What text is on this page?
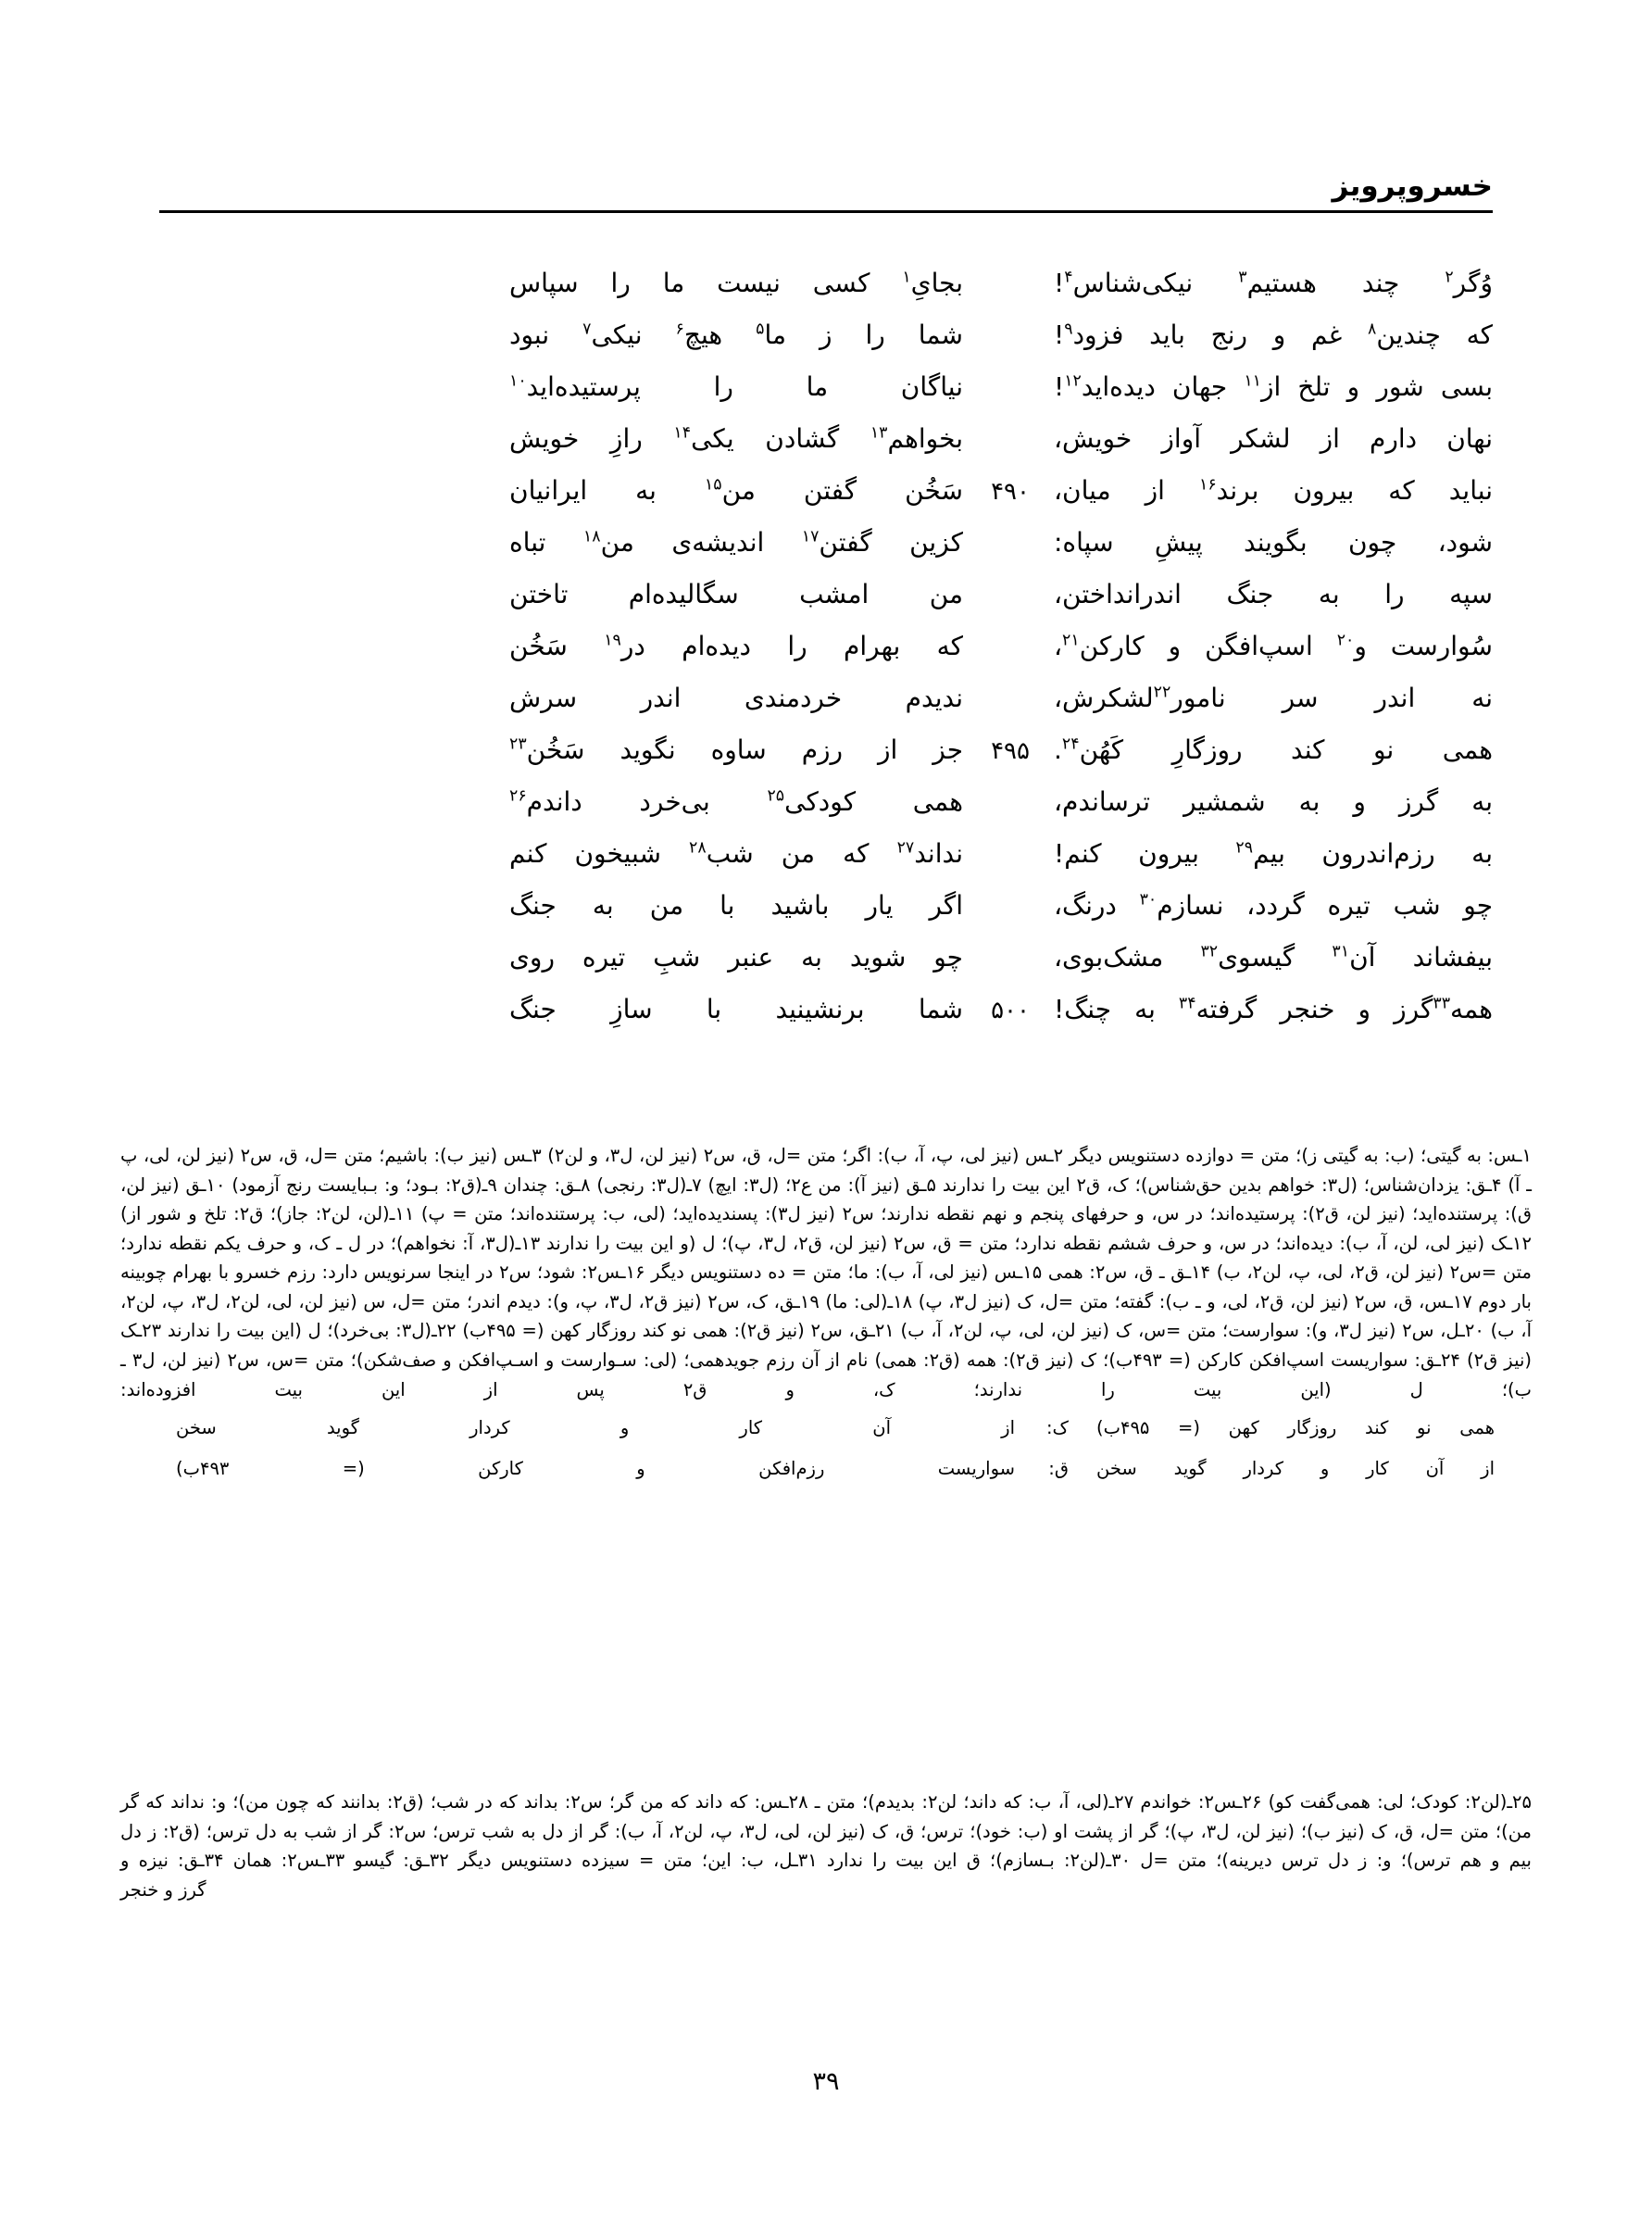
خسروپرویز
وُگر$^۲$ چند هستیم$^۳$ نیکی‌شناس$^۴$!
بجایِ$^۱$ کسی نیست ما را سپاس
که چندین$^۸$ غم و رنج باید فزود$^۹$!
شما را ز ما$^۵$ هیچ$^۶$ نیکی$^۷$ نبود
بسی شور و تلخ از$^{۱۱}$ جهان دیده‌اید$^{۱۲}$!
نیاگان ما را پرستیده‌اید$^{۱۰}$
نهان دارم از لشکر آواز خویش،
بخواهم$^{۱۳}$ گشادن یکی$^{۱۴}$ رازِ خویش
نباید که بیرون برند$^{۱۶}$ از میان،
۴۹۰
سَخُن گفتن من$^{۱۵}$ به ایرانیان
شود، چون بگویند پیشِ سپاه:
کزین گفتن$^{۱۷}$ اندیشه‌ی من$^{۱۸}$ تباه
سپه را به جنگ اندرانداختن،
من امشب سگالیده‌ام تاختن
سُوارست و$^{۲۰}$ اسپ‌افگن و کارکن$^{۲۱}$،
که بهرام را دیده‌ام در$^{۱۹}$ سَخُن
نه اندر سر نامور$^{۲۲}$لشکرش،
ندیدم خردمندی اندر سرش
همی نو کند روزگارِ کَهُن$^{۲۴}$.
۴۹۵
جز از رزم ساوه نگوید سَخُن$^{۲۳}$
به گرز و به شمشیر ترساندم،
همی کودکی$^{۲۵}$ بی‌خرد داندم$^{۲۶}$
به رزم‌اندرون بیم$^{۲۹}$ بیرون کنم!
نداند$^{۲۷}$ که من شب$^{۲۸}$ شبیخون کنم
چو شب تیره گردد، نسازم$^{۳۰}$ درنگ،
اگر یار باشید با من به جنگ
بیفشاند آن$^{۳۱}$ گیسوی$^{۳۲}$ مشک‌بوی،
چو شوید به عنبر شبِ تیره روی
همه$^{۳۳}$گرز و خنجر گرفته$^{۳۴}$ به چنگ!
۵۰۰
شما برنشینید با سازِ جنگ
۱ـس: به گیتی؛ (ب: به گیتی ز)؛ متن = دوازده دستنویس دیگر ۲ـس (نیز لی، پ، آ، ب): اگر؛ متن =ل، ق، س۲ (نیز لن، ل۳، و لن۲) ۳ـس (نیز ب): باشیم؛ متن =ل، ق، س۲ (نیز لن، لی، پ ـ آ) ۴ـق: یزدان‌شناس؛ (ل۳: خواهم بدین حق‌شناس)؛ ک، ق۲ این بیت را ندارند ۵ـق (نیز آ): من ع۲؛ (ل۳: ایچ) ۷ـ(ل۳: رنجی) ۸ـق: چندان ۹ـ(ق۲: بـود؛ و: بـبایست رنج آزمود) ۱۰ـق (نیز لن، ق): پرستنده‌اید؛ (نیز لن، ق۲): پرستیده‌اند؛ در س، و حرفهای پنجم و نهم نقطه ندارند؛ س۲ (نیز ل۳): پسندیده‌اید؛ (لی، ب: پرستنده‌اند؛ متن = پ) ۱۱ـ(لن، لن۲: جاز)؛ ق۲: تلخ و شور از) ۱۲ـک (نیز لی، لن، آ، ب): دیده‌اند؛ در س، و حرف ششم نقطه ندارد؛ متن = ق، س۲ (نیز لن، ق۲، ل۳، پ)؛ ل (و این بیت را ندارند ۱۳ـ(ل۳، آ: نخواهم)؛ در ل ـ ک، و حرف یکم نقطه ندارد؛ متن =س۲ (نیز لن، ق۲، لی، پ، لن۲، ب) ۱۴ـق ـ ق، س۲: همی ۱۵ـس (نیز لی، آ، ب): ما؛ متن = ده دستنویس دیگر ۱۶ـس۲: شود؛ س۲ در اینجا سرنویس دارد: رزم خسرو با بهرام چوبینه بار دوم ۱۷ـس، ق، س۲ (نیز لن، ق۲، لی، و ـ ب): گفته؛ متن =ل، ک (نیز ل۳، پ) ۱۸ـ(لی: ما) ۱۹ـق، ک، س۲ (نیز ق۲، ل۳، پ، و): دیدم اندر؛ متن =ل، س (نیز لن، لی، لن۲، ل۳، پ، لن۲، آ، ب) ۲۰ـل، س۲ (نیز ل۳، و): سوارست؛ متن =س، ک (نیز لن، لی، پ، لن۲، آ، ب) ۲۱ـق، س۲ (نیز ق۲): همی نو کند روزگار کهن (= ۴۹۵ب) ۲۲ـ(ل۳: بی‌خرد)؛ ل (این بیت را ندارند ۲۳ـک (نیز ق۲) ۲۴ـق: سواریست اسپ‌افکن کارکن (= ۴۹۳ب)؛ ک (نیز ق۲): همه (ق۲: همی) نام از آن رزم جویدهمی؛ (لی: سـوارست و اسـپ‌افکن و صف‌شکن)؛ متن =س، س۲ (نیز لن، ل۳ ـ ب)؛ ل (این بیت را ندارند؛ ک، و ق۲ پس از این بیت افزوده‌اند:
همی نو کند روزگار کهن (= ۴۹۵ب)
ک:
از آن کار و کردار گوید سخن
از آن کار و کردار گوید سخن
ق:
سواریست رزم‌افکن و کارکن (= ۴۹۳ب)
۲۵ـ(لن۲: کودک؛ لی: همی‌گفت کو) ۲۶ـس۲: خواندم ۲۷ـ(لی، آ، ب: که داند؛ لن۲: بدیدم)؛ متن ـ ۲۸ـس: که داند که من گر؛ س۲: بداند که در شب؛ (ق۲: بدانند که چون من)؛ و: نداند که گر من)؛ متن =ل، ق، ک (نیز ب)؛ (نیز لن، ل۳، پ)؛ گر از پشت او (ب: خود)؛ ترس؛ ق، ک (نیز لن، لی، ل۳، پ، لن۲، آ، ب): گر از دل به شب ترس؛ س۲: گر از شب به دل ترس؛ (ق۲: ز دل بیم و هم ترس)؛ و: ز دل ترس دیرینه)؛ متن =ل ۳۰ـ(لن۲: بـسازم)؛ ق این بیت را ندارد ۳۱ـل، ب: این؛ متن = سیزده دستنویس دیگر ۳۲ـق: گیسو ۳۳ـس۲: همان ۳۴ـق: نیزه و
گرز و خنجر
۳۹
